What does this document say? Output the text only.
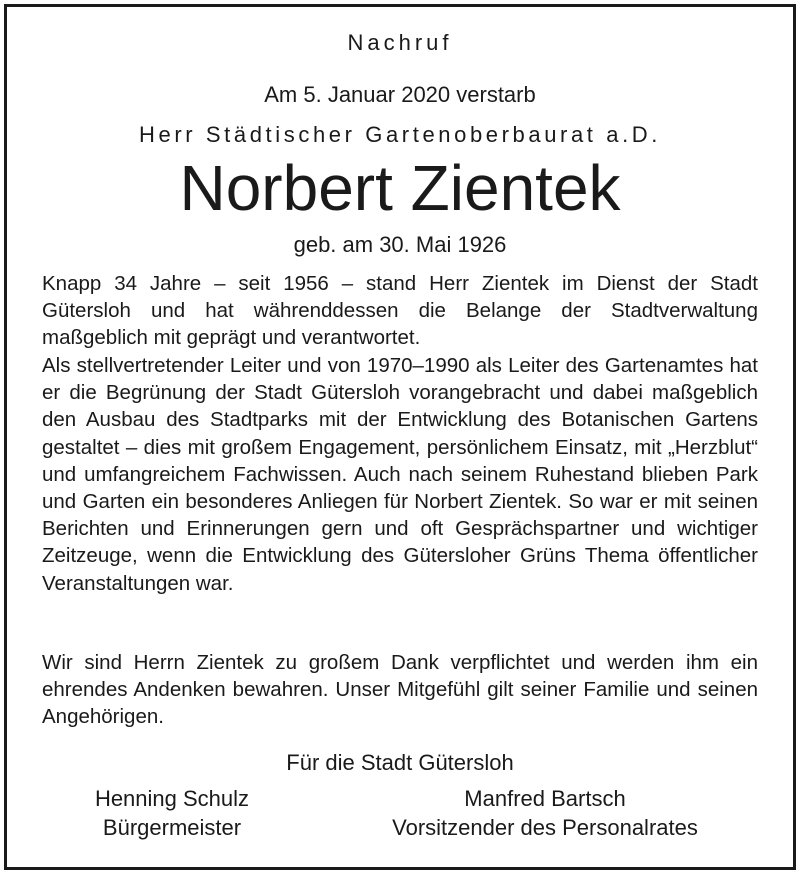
Nachruf
Am 5. Januar 2020 verstarb
Herr Städtischer Gartenoberbaurat a.D.
Norbert Zientek
geb. am 30. Mai 1926

Knapp 34 Jahre – seit 1956 – stand Herr Zientek im Dienst der Stadt Gütersloh und hat währenddessen die Belange der Stadtverwaltung maßgeblich mit geprägt und verantwortet.

Als stellvertretender Leiter und von 1970–1990 als Leiter des Gartenamtes hat er die Begrünung der Stadt Gütersloh vorangebracht und dabei maßgeblich den Ausbau des Stadtparks mit der Entwicklung des Botanischen Gartens gestaltet – dies mit großem Engagement, persönlichem Einsatz, mit „Herzblut“ und umfangreichem Fachwissen. Auch nach seinem Ruhestand blieben Park und Garten ein besonderes Anliegen für Norbert Zientek. So war er mit seinen Berichten und Erinnerungen gern und oft Gesprächspartner und wichtiger Zeitzeuge, wenn die Entwicklung des Gütersloher Grüns Thema öffentlicher Veranstaltungen war.

Wir sind Herrn Zientek zu großem Dank verpflichtet und werden ihm ein ehrendes Andenken bewahren. Unser Mitgefühl gilt seiner Familie und seinen Angehörigen.

Für die Stadt Gütersloh
Henning Schulz
Bürgermeister
Manfred Bartsch
Vorsitzender des Personalrates
